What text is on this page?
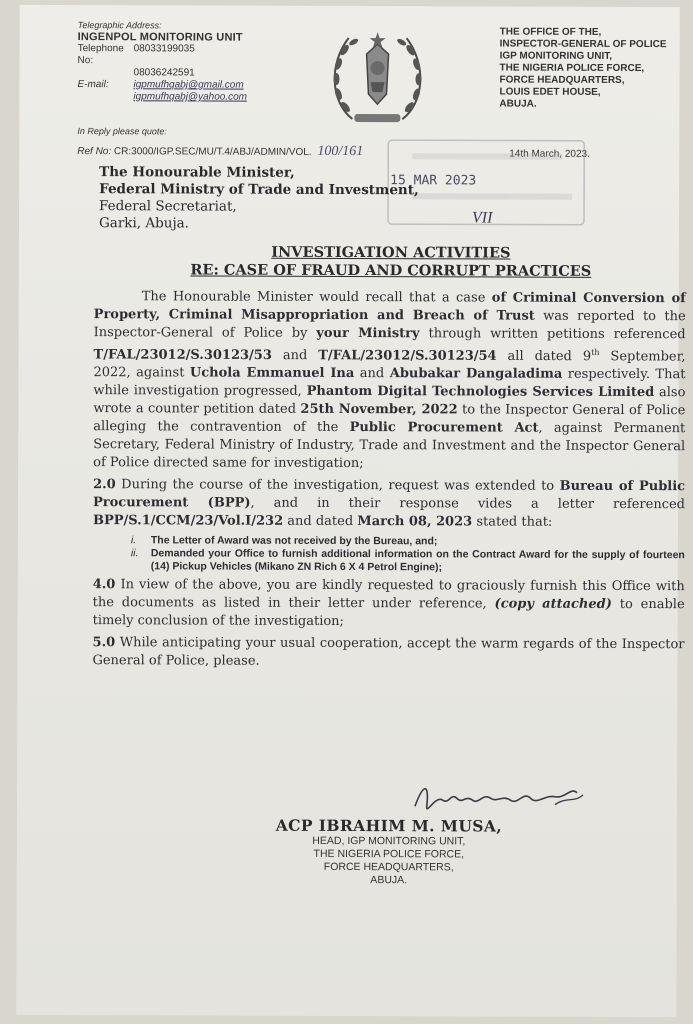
Telegraphic Address:
INGENPOL MONITORING UNIT
Telephone No:
08033199035
08036242591
E-mail:	igpmufhqabj@gmail.com
igpmufhqabj@yahoo.com
THE OFFICE OF THE,
INSPECTOR-GENERAL OF POLICE
IGP MONITORING UNIT,
THE NIGERIA POLICE FORCE,
FORCE HEADQUARTERS,
LOUIS EDET HOUSE,
ABUJA.
In Reply please quote:
Ref No: CR:3000/IGP.SEC/MU/T.4/ABJ/ADMIN/VOL. 100/161	14th March, 2023.
15 MAR 2023
VII
The Honourable Minister,
Federal Ministry of Trade and Investment,
Federal Secretariat,
Garki, Abuja.
INVESTIGATION ACTIVITIES
RE: CASE OF FRAUD AND CORRUPT PRACTICES

The Honourable Minister would recall that a case of Criminal Conversion of Property, Criminal Misappropriation and Breach of Trust was reported to the Inspector-General of Police by your Ministry through written petitions referenced T/FAL/23012/S.30123/53 and T/FAL/23012/S.30123/54 all dated 9th September, 2022, against Uchola Emmanuel Ina and Abubakar Dangaladima respectively. That while investigation progressed, Phantom Digital Technologies Services Limited also wrote a counter petition dated 25th November, 2022 to the Inspector General of Police alleging the contravention of the Public Procurement Act, against Permanent Secretary, Federal Ministry of Industry, Trade and Investment and the Inspector General of Police directed same for investigation;

2.0 During the course of the investigation, request was extended to Bureau of Public Procurement (BPP), and in their response vides a letter referenced BPP/S.1/CCM/23/Vol.I/232 and dated March 08, 2023 stated that:

i.	The Letter of Award was not received by the Bureau, and;
ii.	Demanded your Office to furnish additional information on the Contract Award for the supply of fourteen (14) Pickup Vehicles (Mikano ZN Rich 6 X 4 Petrol Engine);

4.0 In view of the above, you are kindly requested to graciously furnish this Office with the documents as listed in their letter under reference, (copy attached) to enable timely conclusion of the investigation;

5.0 While anticipating your usual cooperation, accept the warm regards of the Inspector General of Police, please.

ACP IBRAHIM M. MUSA,
HEAD, IGP MONITORING UNIT,
THE NIGERIA POLICE FORCE,
FORCE HEADQUARTERS,
ABUJA.
